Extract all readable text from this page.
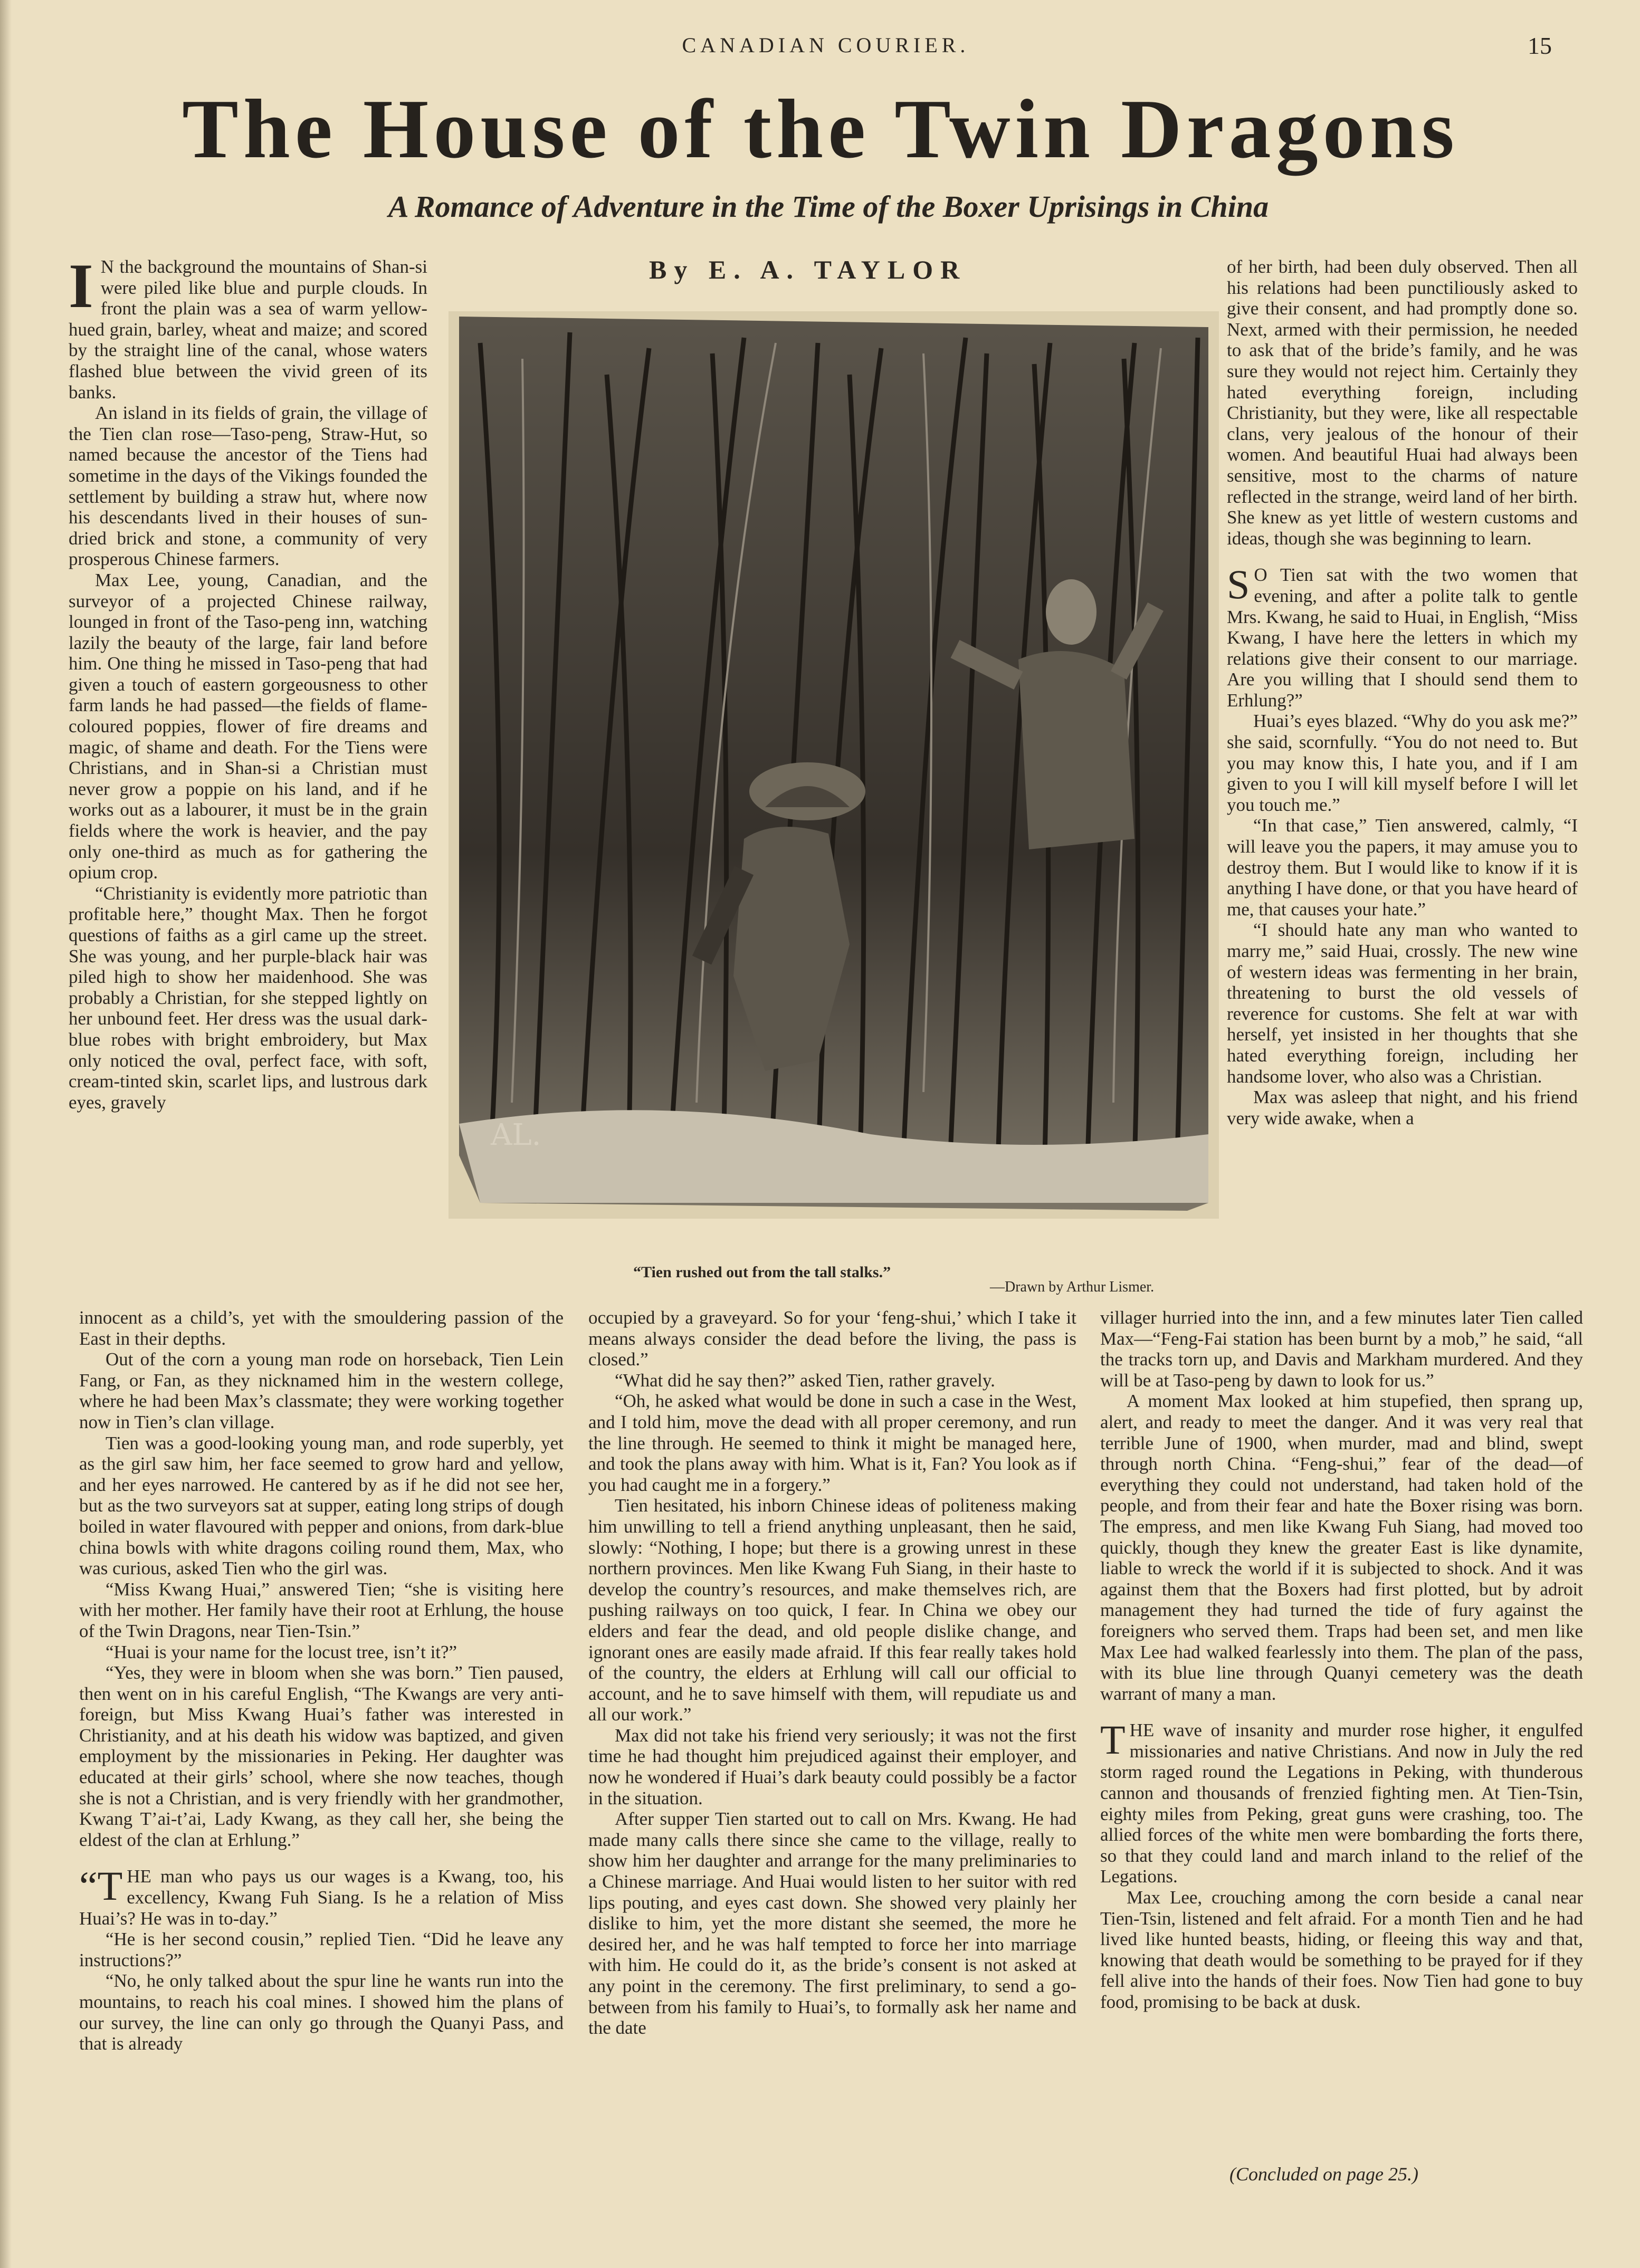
CANADIAN COURIER.	15
The House of the Twin Dragons
A Romance of Adventure in the Time of the Boxer Uprisings in China
By E. A. TAYLOR

I N the background the mountains of Shan-si were piled like blue and purple clouds. In front the plain was a sea of warm yellow-hued grain, barley, wheat and maize; and scored by the straight line of the canal, whose waters flashed blue between the vivid green of its banks.

An island in its fields of grain, the village of the Tien clan rose—Taso-peng, Straw-Hut, so named because the ancestor of the Tiens had sometime in the days of the Vikings founded the settlement by building a straw hut, where now his descendants lived in their houses of sun-dried brick and stone, a community of very prosperous Chinese farmers.

Max Lee, young, Canadian, and the surveyor of a projected Chinese railway, lounged in front of the Taso-peng inn, watching lazily the beauty of the large, fair land before him. One thing he missed in Taso-peng that had given a touch of eastern gorgeousness to other farm lands he had passed—the fields of flame-coloured poppies, flower of fire dreams and magic, of shame and death. For the Tiens were Christians, and in Shan-si a Christian must never grow a poppie on his land, and if he works out as a labourer, it must be in the grain fields where the work is heavier, and the pay only one-third as much as for gathering the opium crop.

“Christianity is evidently more patriotic than profitable here,” thought Max. Then he forgot questions of faiths as a girl came up the street. She was young, and her purple-black hair was piled high to show her maidenhood. She was probably a Christian, for she stepped lightly on her unbound feet. Her dress was the usual dark-blue robes with bright embroidery, but Max only noticed the oval, perfect face, with soft, cream-tinted skin, scarlet lips, and lustrous dark eyes, gravely

innocent as a child’s, yet with the smouldering passion of the East in their depths.

Out of the corn a young man rode on horseback, Tien Lein Fang, or Fan, as they nicknamed him in the western college, where he had been Max’s classmate; they were working together now in Tien’s clan village.

Tien was a good-looking young man, and rode superbly, yet as the girl saw him, her face seemed to grow hard and yellow, and her eyes narrowed. He cantered by as if he did not see her, but as the two surveyors sat at supper, eating long strips of dough boiled in water flavoured with pepper and onions, from dark-blue china bowls with white dragons coiling round them, Max, who was curious, asked Tien who the girl was.

“Miss Kwang Huai,” answered Tien; “she is visiting here with her mother. Her family have their root at Erhlung, the house of the Twin Dragons, near Tien-Tsin.”

“Huai is your name for the locust tree, isn’t it?”

“Yes, they were in bloom when she was born.” Tien paused, then went on in his careful English, “The Kwangs are very anti-foreign, but Miss Kwang Huai’s father was interested in Christianity, and at his death his widow was baptized, and given employment by the missionaries in Peking. Her daughter was educated at their girls’ school, where she now teaches, though she is not a Christian, and is very friendly with her grandmother, Kwang T’ai-t’ai, Lady Kwang, as they call her, she being the eldest of the clan at Erhlung.”

“THE man who pays us our wages is a Kwang, too, his excellency, Kwang Fuh Siang. Is he a relation of Miss Huai’s? He was in to-day.”

“He is her second cousin,” replied Tien. “Did he leave any instructions?”

“No, he only talked about the spur line he wants run into the mountains, to reach his coal mines. I showed him the plans of our survey, the line can only go through the Quanyi Pass, and that is already

AL.
“Tien rushed out from the tall stalks.”
—Drawn by Arthur Lismer.

occupied by a graveyard. So for your ‘feng-shui,’ which I take it means always consider the dead before the living, the pass is closed.”

“What did he say then?” asked Tien, rather gravely.

“Oh, he asked what would be done in such a case in the West, and I told him, move the dead with all proper ceremony, and run the line through. He seemed to think it might be managed here, and took the plans away with him. What is it, Fan? You look as if you had caught me in a forgery.”

Tien hesitated, his inborn Chinese ideas of politeness making him unwilling to tell a friend anything unpleasant, then he said, slowly: “Nothing, I hope; but there is a growing unrest in these northern provinces. Men like Kwang Fuh Siang, in their haste to develop the country’s resources, and make themselves rich, are pushing railways on too quick, I fear. In China we obey our elders and fear the dead, and old people dislike change, and ignorant ones are easily made afraid. If this fear really takes hold of the country, the elders at Erhlung will call our official to account, and he to save himself with them, will repudiate us and all our work.”

Max did not take his friend very seriously; it was not the first time he had thought him prejudiced against their employer, and now he wondered if Huai’s dark beauty could possibly be a factor in the situation.

After supper Tien started out to call on Mrs. Kwang. He had made many calls there since she came to the village, really to show him her daughter and arrange for the many preliminaries to a Chinese marriage. And Huai would listen to her suitor with red lips pouting, and eyes cast down. She showed very plainly her dislike to him, yet the more distant she seemed, the more he desired her, and he was half tempted to force her into marriage with him. He could do it, as the bride’s consent is not asked at any point in the ceremony. The first preliminary, to send a go-between from his family to Huai’s, to formally ask her name and the date

of her birth, had been duly observed. Then all his relations had been punctiliously asked to give their consent, and had promptly done so. Next, armed with their permission, he needed to ask that of the bride’s family, and he was sure they would not reject him. Certainly they hated everything foreign, including Christianity, but they were, like all respectable clans, very jealous of the honour of their women. And beautiful Huai had always been sensitive, most to the charms of nature reflected in the strange, weird land of her birth. She knew as yet little of western customs and ideas, though she was beginning to learn.

S O Tien sat with the two women that evening, and after a polite talk to gentle Mrs. Kwang, he said to Huai, in English, “Miss Kwang, I have here the letters in which my relations give their consent to our marriage. Are you willing that I should send them to Erhlung?”

Huai’s eyes blazed. “Why do you ask me?” she said, scornfully. “You do not need to. But you may know this, I hate you, and if I am given to you I will kill myself before I will let you touch me.”

“In that case,” Tien answered, calmly, “I will leave you the papers, it may amuse you to destroy them. But I would like to know if it is anything I have done, or that you have heard of me, that causes your hate.”

“I should hate any man who wanted to marry me,” said Huai, crossly. The new wine of western ideas was fermenting in her brain, threatening to burst the old vessels of reverence for customs. She felt at war with herself, yet insisted in her thoughts that she hated everything foreign, including her handsome lover, who also was a Christian.

Max was asleep that night, and his friend very wide awake, when a

villager hurried into the inn, and a few minutes later Tien called Max—“Feng-Fai station has been burnt by a mob,” he said, “all the tracks torn up, and Davis and Markham murdered. And they will be at Taso-peng by dawn to look for us.”

A moment Max looked at him stupefied, then sprang up, alert, and ready to meet the danger. And it was very real that terrible June of 1900, when murder, mad and blind, swept through north China. “Feng-shui,” fear of the dead—of everything they could not understand, had taken hold of the people, and from their fear and hate the Boxer rising was born. The empress, and men like Kwang Fuh Siang, had moved too quickly, though they knew the greater East is like dynamite, liable to wreck the world if it is subjected to shock. And it was against them that the Boxers had first plotted, but by adroit management they had turned the tide of fury against the foreigners who served them. Traps had been set, and men like Max Lee had walked fearlessly into them. The plan of the pass, with its blue line through Quanyi cemetery was the death warrant of many a man.

THE wave of insanity and murder rose higher, it engulfed missionaries and native Christians. And now in July the red storm raged round the Legations in Peking, with thunderous cannon and thousands of frenzied fighting men. At Tien-Tsin, eighty miles from Peking, great guns were crashing, too. The allied forces of the white men were bombarding the forts there, so that they could land and march inland to the relief of the Legations.

Max Lee, crouching among the corn beside a canal near Tien-Tsin, listened and felt afraid. For a month Tien and he had lived like hunted beasts, hiding, or fleeing this way and that, knowing that death would be something to be prayed for if they fell alive into the hands of their foes. Now Tien had gone to buy food, promising to be back at dusk.

(Concluded on page 25.)
